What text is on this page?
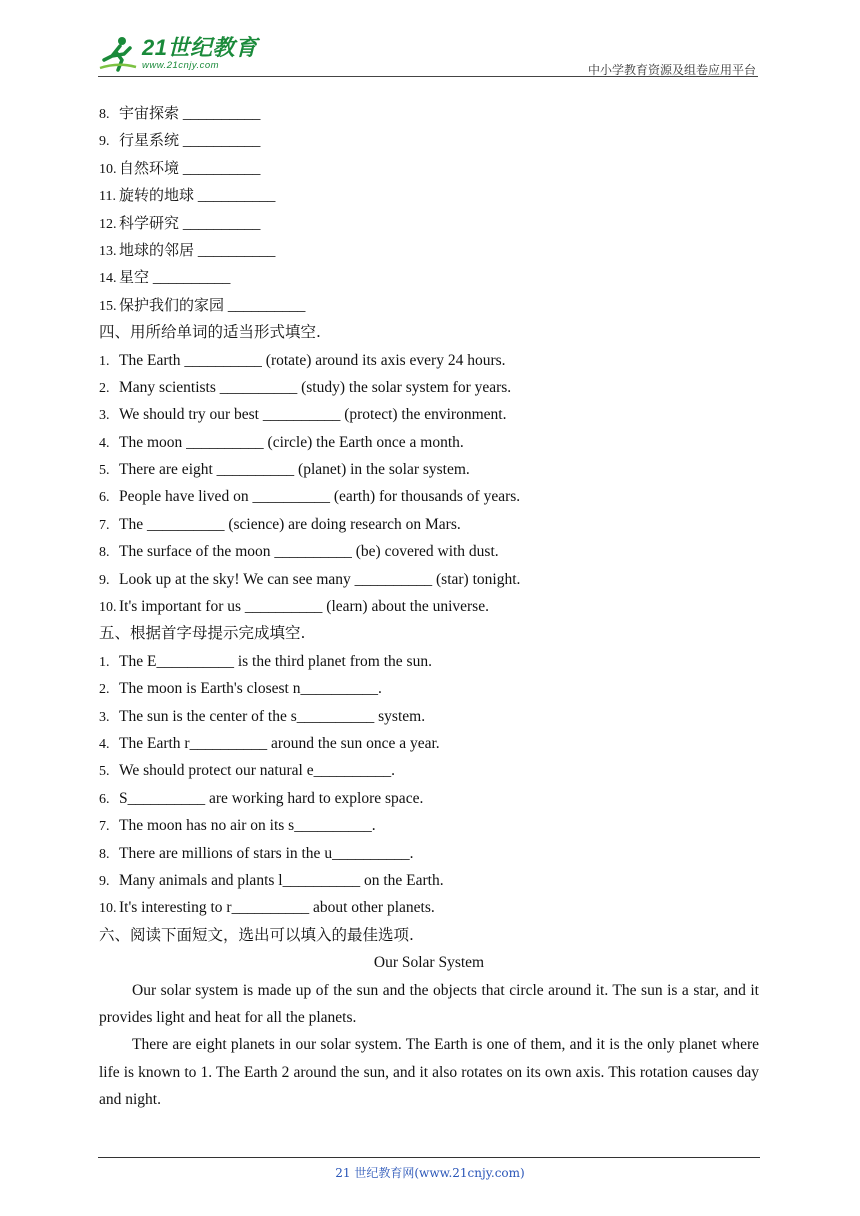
21世纪教育
www.21cnjy.com	中小学教育资源及组卷应用平台
8. 宇宙探索 __________
9. 行星系统 __________
10. 自然环境 __________
11. 旋转的地球 __________
12. 科学研究 __________
13. 地球的邻居 __________
14. 星空 __________
15. 保护我们的家园 __________
四、用所给单词的适当形式填空.
1. The Earth __________ (rotate) around its axis every 24 hours.
2. Many scientists __________ (study) the solar system for years.
3. We should try our best __________ (protect) the environment.
4. The moon __________ (circle) the Earth once a month.
5. There are eight __________ (planet) in the solar system.
6. People have lived on __________ (earth) for thousands of years.
7. The __________ (science) are doing research on Mars.
8. The surface of the moon __________ (be) covered with dust.
9. Look up at the sky! We can see many __________ (star) tonight.
10. It's important for us __________ (learn) about the universe.
五、根据首字母提示完成填空.
1. The E__________ is the third planet from the sun.
2. The moon is Earth's closest n__________.
3. The sun is the center of the s__________ system.
4. The Earth r__________ around the sun once a year.
5. We should protect our natural e__________.
6. S__________ are working hard to explore space.
7. The moon has no air on its s__________.
8. There are millions of stars in the u__________.
9. Many animals and plants l__________ on the Earth.
10. It's interesting to r__________ about other planets.
六、阅读下面短文，选出可以填入的最佳选项.
Our Solar System

Our solar system is made up of the sun and the objects that circle around it. The sun is a star, and it provides light and heat for all the planets.

There are eight planets in our solar system. The Earth is one of them, and it is the only planet where life is known to 1. The Earth 2 around the sun, and it also rotates on its own axis. This rotation causes day and night.

21 世纪教育网(www.21cnjy.com)
